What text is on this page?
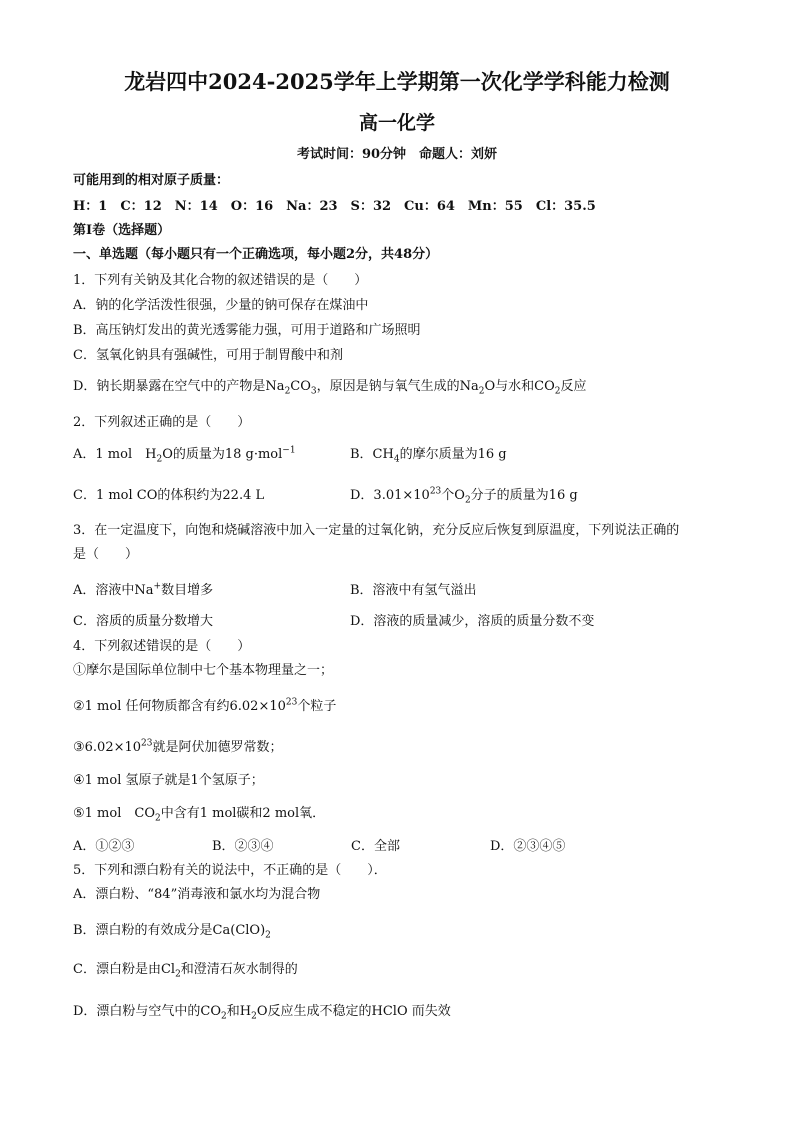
龙岩四中2024-2025学年上学期第一次化学学科能力检测
高一化学
考试时间：90分钟　命题人：刘妍
可能用到的相对原子质量：
H：1　C：12　N：14　O：16　Na：23　S：32　Cu：64　Mn：55　Cl：35.5
第Ⅰ卷（选择题）
一、单选题（每小题只有一个正确选项，每小题2分，共48分）
1．下列有关钠及其化合物的叙述错误的是（　　）
A．钠的化学活泼性很强，少量的钠可保存在煤油中
B．高压钠灯发出的黄光透雾能力强，可用于道路和广场照明
C．氢氧化钠具有强碱性，可用于制胃酸中和剂
D．钠长期暴露在空气中的产物是$Na_2CO_3$，原因是钠与氧气生成的$Na_2O$与水和$CO_2$反应
2．下列叙述正确的是（　　）
A．1 mol　$H_2O$的质量为18 g·mol$^{-1}$	B．$CH_4$的摩尔质量为16 g
C．1 mol CO的体积约为22.4 L	D．$3.01\times 10^{23}$个$O_2$分子的质量为16 g
3．在一定温度下，向饱和烧碱溶液中加入一定量的过氧化钠，充分反应后恢复到原温度，下列说法正确的
是（　　）
A．溶液中Na+数目增多	B．溶液中有氢气溢出
C．溶质的质量分数增大	D．溶液的质量减少，溶质的质量分数不变
4．下列叙述错误的是（　　）
①摩尔是国际单位制中七个基本物理量之一；
②1 mol 任何物质都含有约$6.02\times 10^{23}$个粒子
$③6.02\times 10^{23}$就是阿伏加德罗常数；
④1 mol 氢原子就是1个氢原子；
⑤1 mol　$CO_2$中含有1 mol碳和2 mol氧．
A．①②③	B．②③④	C．全部	D．②③④⑤
5．下列和漂白粉有关的说法中，不正确的是（　　）．
A．漂白粉、“84”消毒液和氯水均为混合物
B．漂白粉的有效成分是$Ca(ClO)_2$
C．漂白粉是由$Cl_2$和澄清石灰水制得的
D．漂白粉与空气中的$CO_2$和$H_2O$反应生成不稳定的HClO 而失效
